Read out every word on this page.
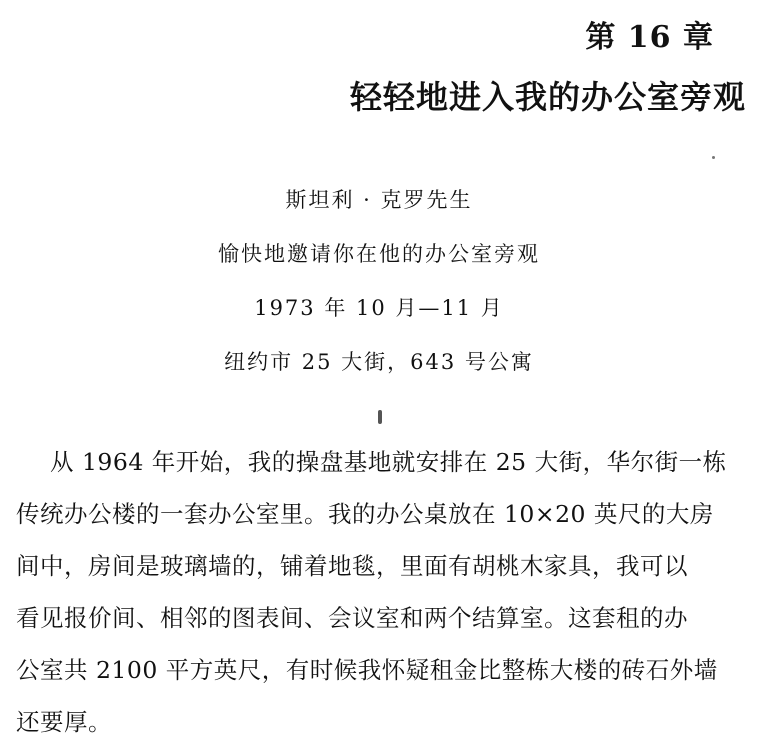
第 16 章
轻轻地进入我的办公室旁观
斯坦利 · 克罗先生
愉快地邀请你在他的办公室旁观
1973 年 10 月—11 月
纽约市 25 大街，643 号公寓
从 1964 年开始，我的操盘基地就安排在 25 大街，华尔街一栋
传统办公楼的一套办公室里。我的办公桌放在 10×20 英尺的大房
间中，房间是玻璃墙的，铺着地毯，里面有胡桃木家具，我可以
看见报价间、相邻的图表间、会议室和两个结算室。这套租的办
公室共 2100 平方英尺，有时候我怀疑租金比整栋大楼的砖石外墙
还要厚。
